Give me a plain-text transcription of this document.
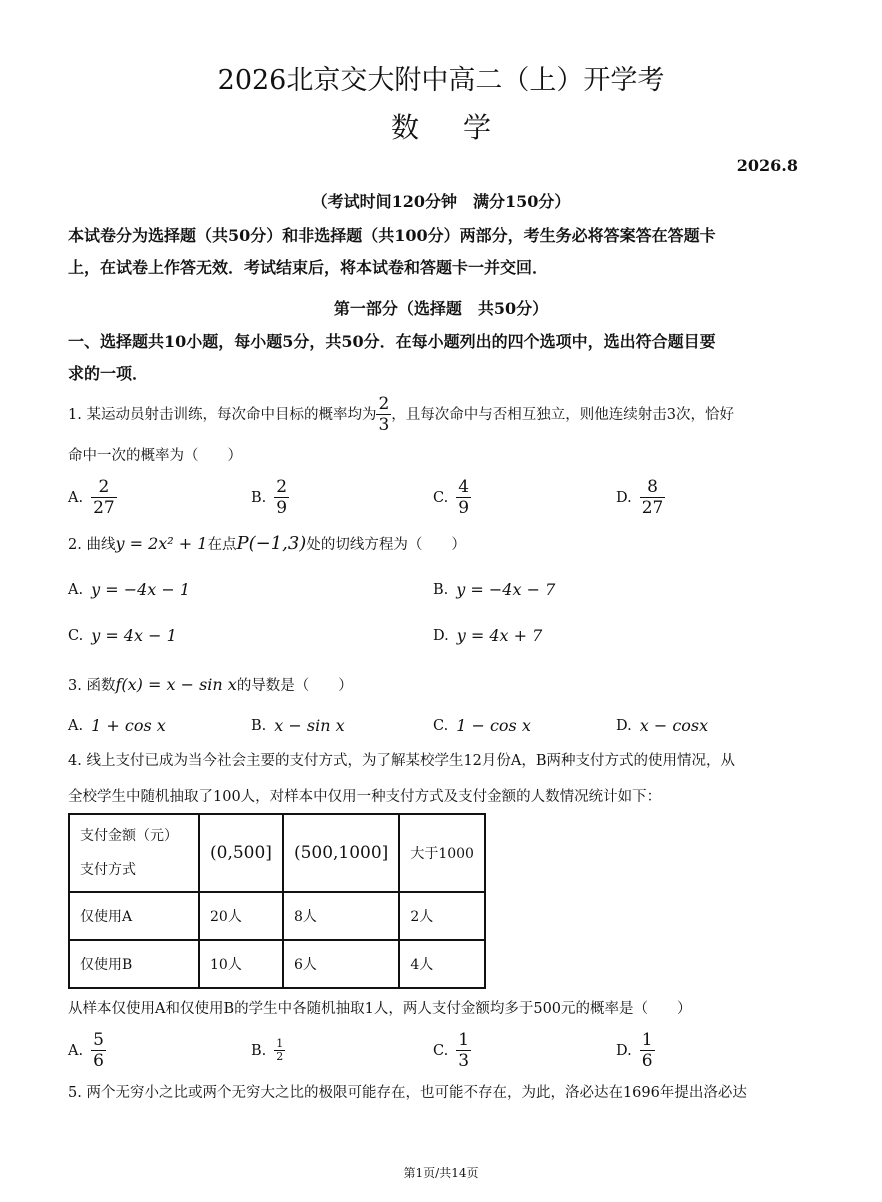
2026北京交大附中高二（上）开学考
数学
2026.8
（考试时间120分钟　满分150分）
本试卷分为选择题（共50分）和非选择题（共100分）两部分，考生务必将答案答在答题卡
上，在试卷上作答无效．考试结束后，将本试卷和答题卡一并交回．
第一部分（选择题　共50分）
一、选择题共10小题，每小题5分，共50分．在每小题列出的四个选项中，选出符合题目要
求的一项．
1. 某运动员射击训练，每次命中目标的概率均为 $\frac{2}{3}$ ，且每次命中与否相互独立，则他连续射击3次，恰好
命中一次的概率为（　　）
A. $\frac{2}{27}$	B. $\frac{2}{9}$	C. $\frac{4}{9}$	D. $\frac{8}{27}$
2. 曲线y = 2x² + 1在点P(−1,3)处的切线方程为（　　）
A. y = −4x − 1	B. y = −4x − 7
C. y = 4x − 1	D. y = 4x + 7
3. 函数f(x) = x − sin x的导数是（　　）
A. 1 + cos x	B. x − sin x	C. 1 − cos x	D. x − cosx
4. 线上支付已成为当今社会主要的支付方式，为了解某校学生12月份A，B两种支付方式的使用情况，从
全校学生中随机抽取了100人，对样本中仅用一种支付方式及支付金额的人数情况统计如下：
支付金额（元）
支付方式	(0,500]	(500,1000]	大于1000
仅使用A	20人	8人	2人
仅使用B	10人	6人	4人
从样本仅使用A和仅使用B的学生中各随机抽取1人，两人支付金额均多于500元的概率是（　　）
A. $\frac{5}{6}$	B. $\frac{1}{2}$	C. $\frac{1}{3}$	D. $\frac{1}{6}$
5. 两个无穷小之比或两个无穷大之比的极限可能存在，也可能不存在，为此，洛必达在1696年提出洛必达
第1页/共14页
